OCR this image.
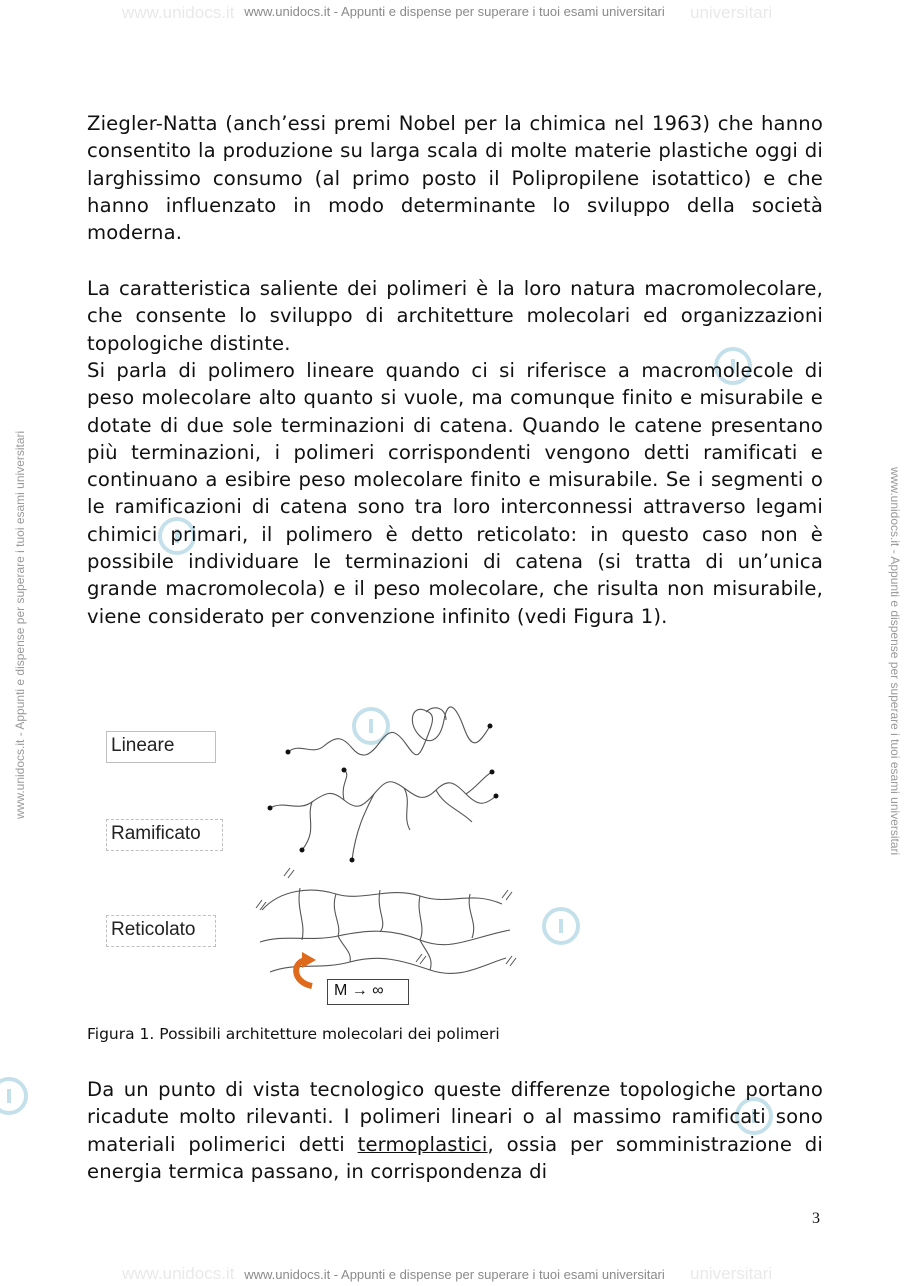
www.unidocs.it	universitari
www.unidocs.it - Appunti e dispense per superare i tuoi esami universitari
www.unidocs.it - Appunti e dispense per superare i tuoi esami universitari	www.unidocs.it - Appunti e dispense per superare i tuoi esami universitari
Ziegler-Natta (anch’essi premi Nobel per la chimica nel 1963) che hanno consentito la produzione su larga scala di molte materie plastiche oggi di larghissimo consumo (al primo posto il Polipropilene isotattico) e che hanno influenzato in modo determinante lo sviluppo della società moderna.
La caratteristica saliente dei polimeri è la loro natura macromolecolare, che consente lo sviluppo di architetture molecolari ed organizzazioni topologiche distinte.
Si parla di polimero lineare quando ci si riferisce a macromolecole di peso molecolare alto quanto si vuole, ma comunque finito e misurabile e dotate di due sole terminazioni di catena. Quando le catene presentano più terminazioni, i polimeri corrispondenti vengono detti ramificati e continuano a esibire peso molecolare finito e misurabile. Se i segmenti o le ramificazioni di catena sono tra loro interconnessi attraverso legami chimici primari, il polimero è detto reticolato: in questo caso non è possibile individuare le terminazioni di catena (si tratta di un’unica grande macromolecola) e il peso molecolare, che risulta non misurabile, viene considerato per convenzione infinito (vedi Figura 1).
Lineare
Ramificato
Reticolato
M → ∞
Figura 1. Possibili architetture molecolari dei polimeri
Da un punto di vista tecnologico queste differenze topologiche portano ricadute molto rilevanti. I polimeri lineari o al massimo ramificati sono materiali polimerici detti termoplastici, ossia per somministrazione di energia termica passano, in corrispondenza di
3
www.unidocs.it	universitari
www.unidocs.it - Appunti e dispense per superare i tuoi esami universitari
